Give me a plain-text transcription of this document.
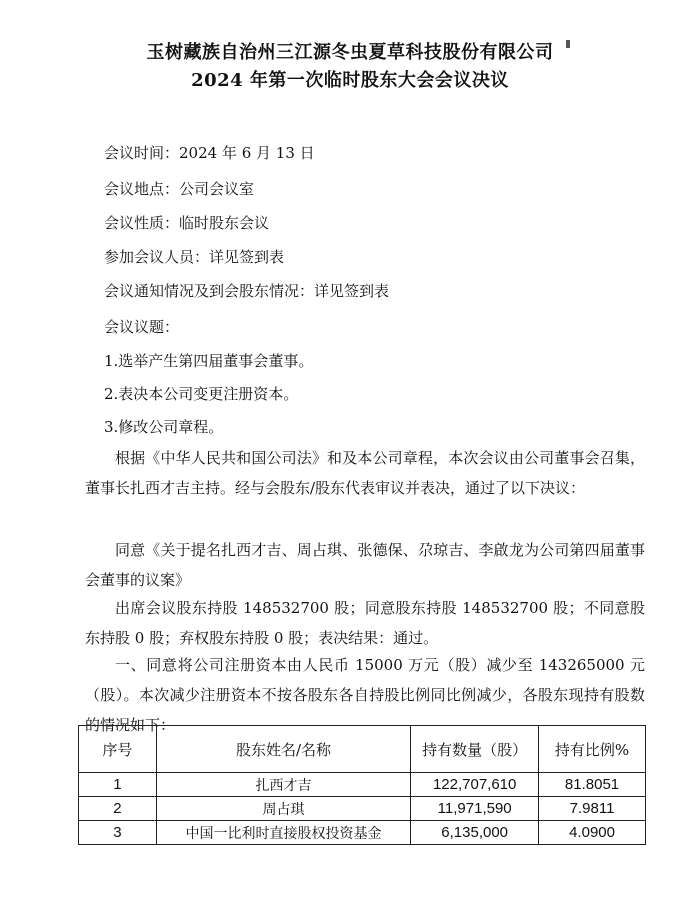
玉树藏族自治州三江源冬虫夏草科技股份有限公司
2024 年第一次临时股东大会会议决议
会议时间：2024 年 6 月 13 日
会议地点：公司会议室
会议性质：临时股东会议
参加会议人员：详见签到表
会议通知情况及到会股东情况：详见签到表
会议议题：
1.选举产生第四届董事会董事。
2.表决本公司变更注册资本。
3.修改公司章程。
根据《中华人民共和国公司法》和及本公司章程，本次会议由公司董事会召集，董事长扎西才吉主持。经与会股东/股东代表审议并表决，通过了以下决议：
同意《关于提名扎西才吉、周占琪、张德保、尕琼吉、李啟龙为公司第四届董事会董事的议案》
出席会议股东持股 148532700 股；同意股东持股 148532700 股；不同意股东持股 0 股；弃权股东持股 0 股；表决结果：通过。
一、同意将公司注册资本由人民币 15000 万元（股）减少至 143265000 元（股）。本次减少注册资本不按各股东各自持股比例同比例减少，各股东现持有股数的情况如下：
序号	股东姓名/名称	持有数量（股）	持有比例%
1	扎西才吉	122,707,610	81.8051
2	周占琪	11,971,590	7.9811
3	中国一比利时直接股权投资基金	6,135,000	4.0900
